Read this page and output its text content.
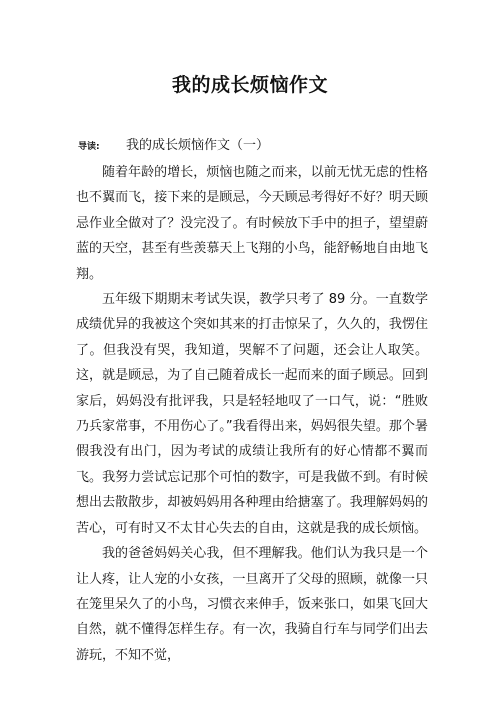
我的成长烦恼作文
导读: 我的成长烦恼作文（一）

随着年龄的增长，烦恼也随之而来，以前无忧无虑的性格也不翼而飞，接下来的是顾忌，今天顾忌考得好不好？明天顾忌作业全做对了？没完没了。有时候放下手中的担子，望望蔚蓝的天空，甚至有些羡慕天上飞翔的小鸟，能舒畅地自由地飞翔。

五年级下期期末考试失误，教学只考了 89 分。一直数学成绩优异的我被这个突如其来的打击惊呆了，久久的，我愣住了。但我没有哭，我知道，哭解不了问题，还会让人取笑。这，就是顾忌，为了自己随着成长一起而来的面子顾忌。回到家后，妈妈没有批评我，只是轻轻地叹了一口气，说：“胜败乃兵家常事，不用伤心了。”我看得出来，妈妈很失望。那个暑假我没有出门，因为考试的成绩让我所有的好心情都不翼而飞。我努力尝试忘记那个可怕的数字，可是我做不到。有时候想出去散散步，却被妈妈用各种理由给搪塞了。我理解妈妈的苦心，可有时又不太甘心失去的自由，这就是我的成长烦恼。

我的爸爸妈妈关心我，但不理解我。他们认为我只是一个让人疼，让人宠的小女孩，一旦离开了父母的照顾，就像一只在笼里呆久了的小鸟，习惯衣来伸手，饭来张口，如果飞回大自然，就不懂得怎样生存。有一次，我骑自行车与同学们出去游玩，不知不觉，
